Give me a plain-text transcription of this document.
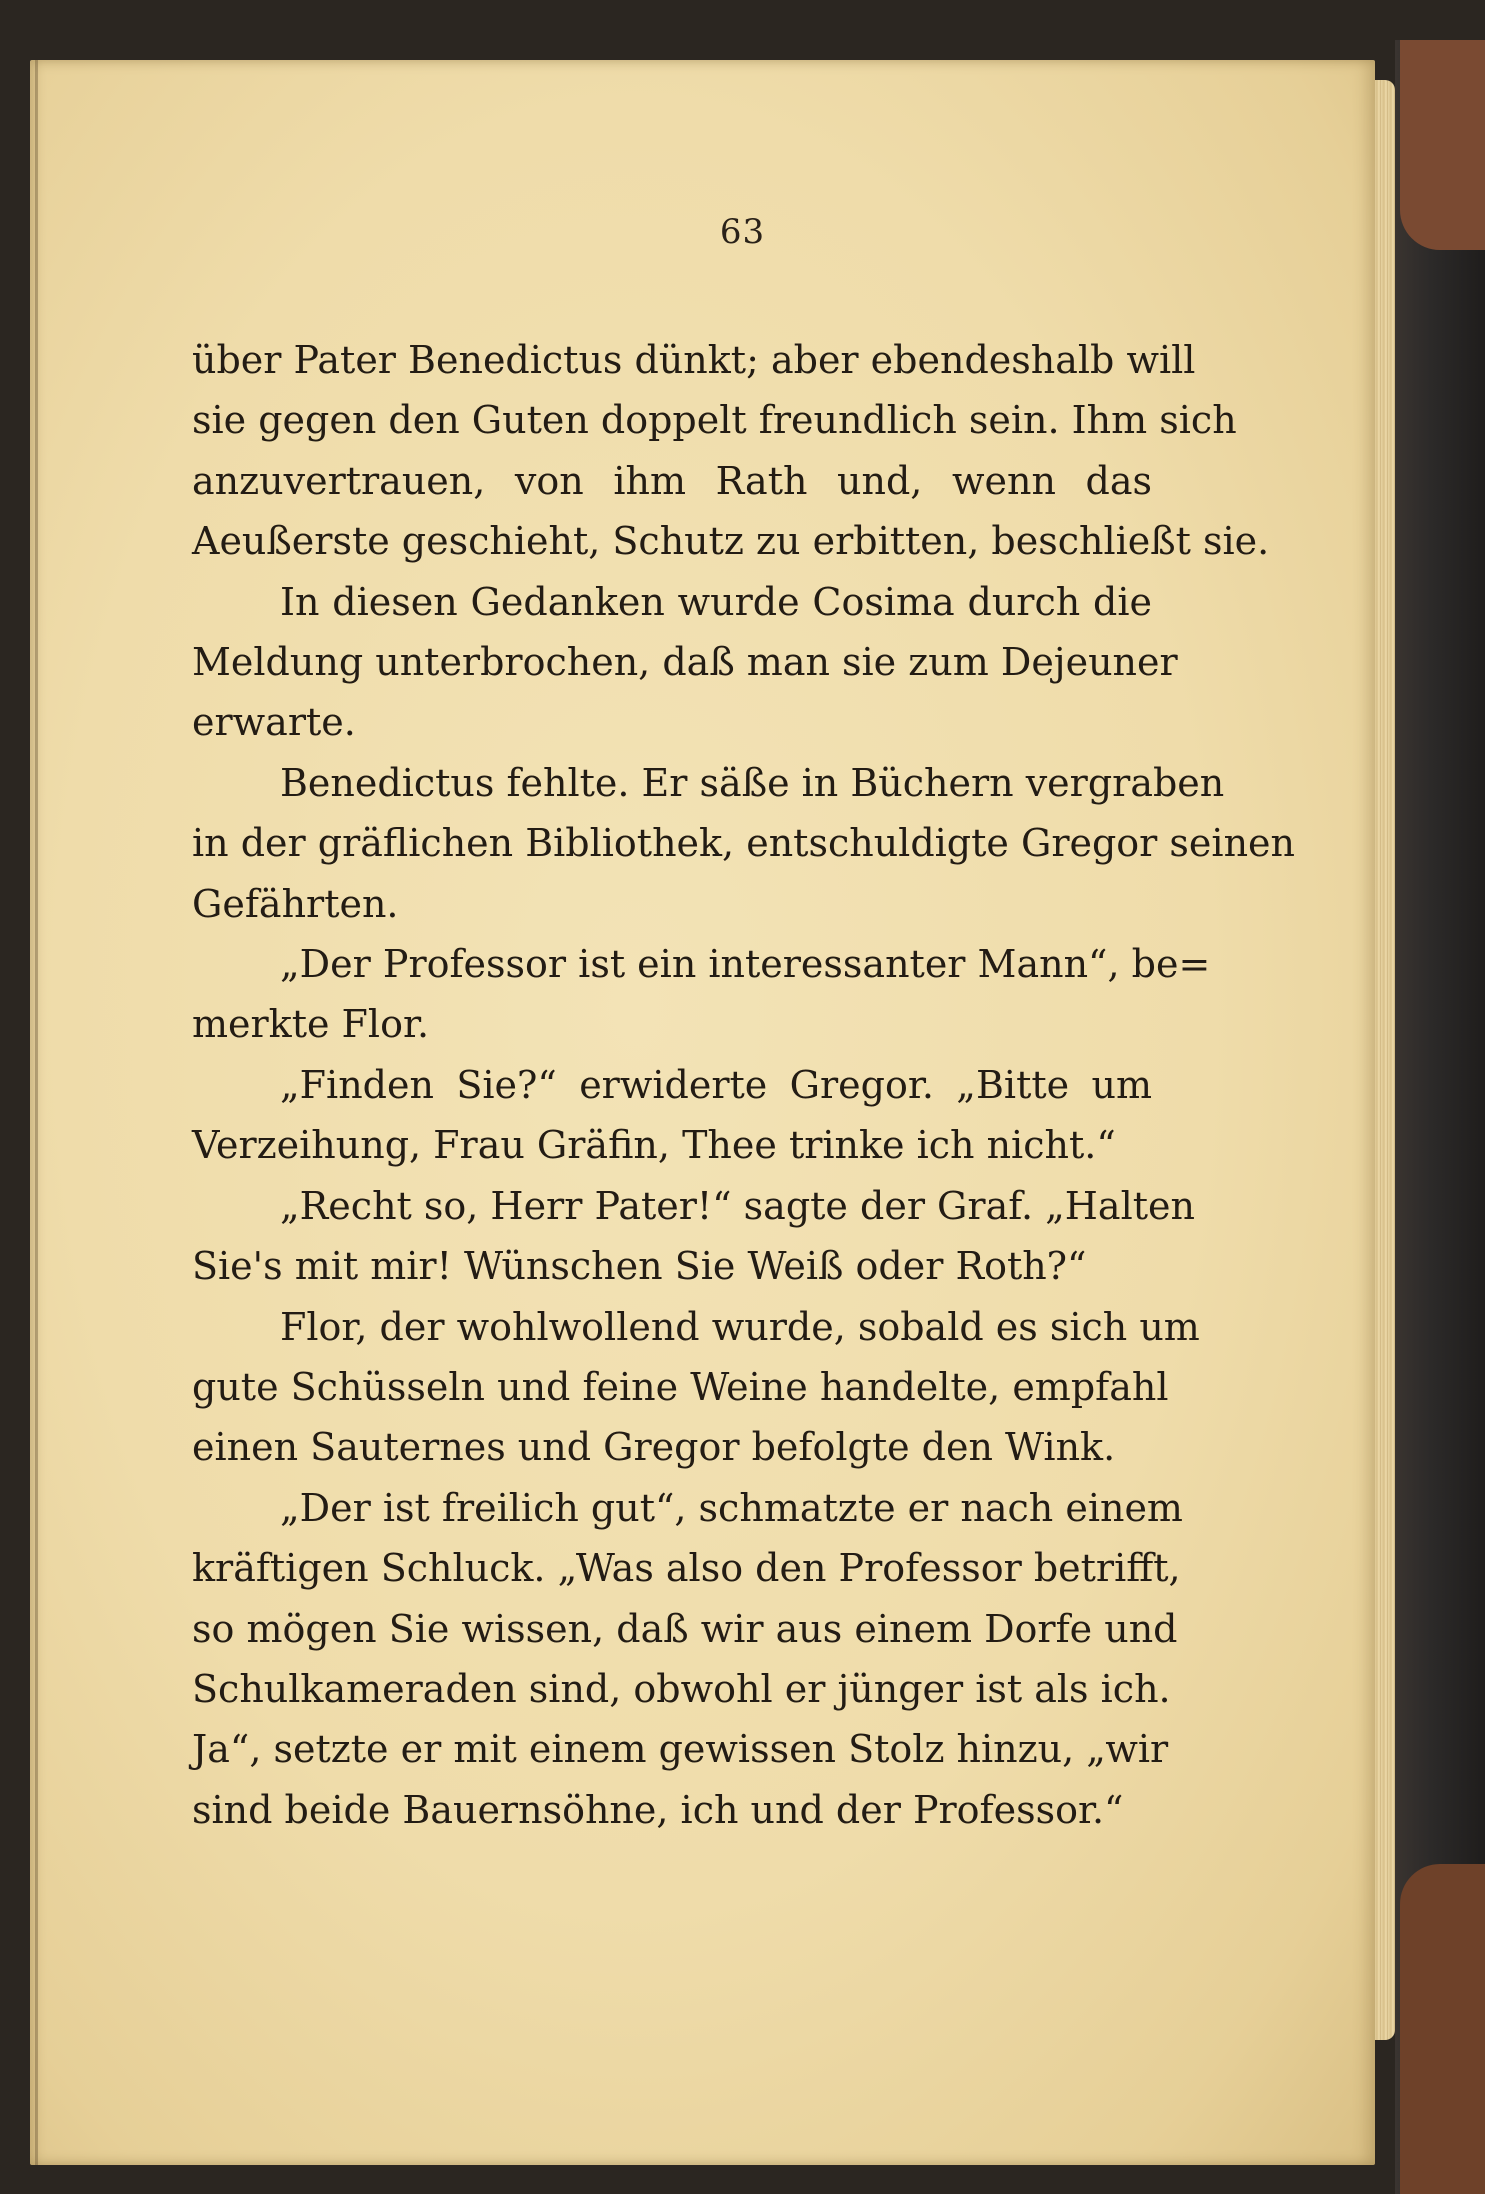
63
über Pater Benedictus dünkt; aber ebendeshalb will
sie gegen den Guten doppelt freundlich sein. Ihm sich
anzuvertrauen, von ihm Rath und, wenn das
Aeußerste geschieht, Schutz zu erbitten, beschließt sie.
In diesen Gedanken wurde Cosima durch die
Meldung unterbrochen, daß man sie zum Dejeuner
erwarte.
Benedictus fehlte. Er säße in Büchern vergraben
in der gräflichen Bibliothek, entschuldigte Gregor seinen
Gefährten.
„Der Professor ist ein interessanter Mann“, be=
merkte Flor.
„Finden Sie?“ erwiderte Gregor. „Bitte um
Verzeihung, Frau Gräfin, Thee trinke ich nicht.“
„Recht so, Herr Pater!“ sagte der Graf. „Halten
Sie's mit mir! Wünschen Sie Weiß oder Roth?“
Flor, der wohlwollend wurde, sobald es sich um
gute Schüsseln und feine Weine handelte, empfahl
einen Sauternes und Gregor befolgte den Wink.
„Der ist freilich gut“, schmatzte er nach einem
kräftigen Schluck. „Was also den Professor betrifft,
so mögen Sie wissen, daß wir aus einem Dorfe und
Schulkameraden sind, obwohl er jünger ist als ich.
Ja“, setzte er mit einem gewissen Stolz hinzu, „wir
sind beide Bauernsöhne, ich und der Professor.“
